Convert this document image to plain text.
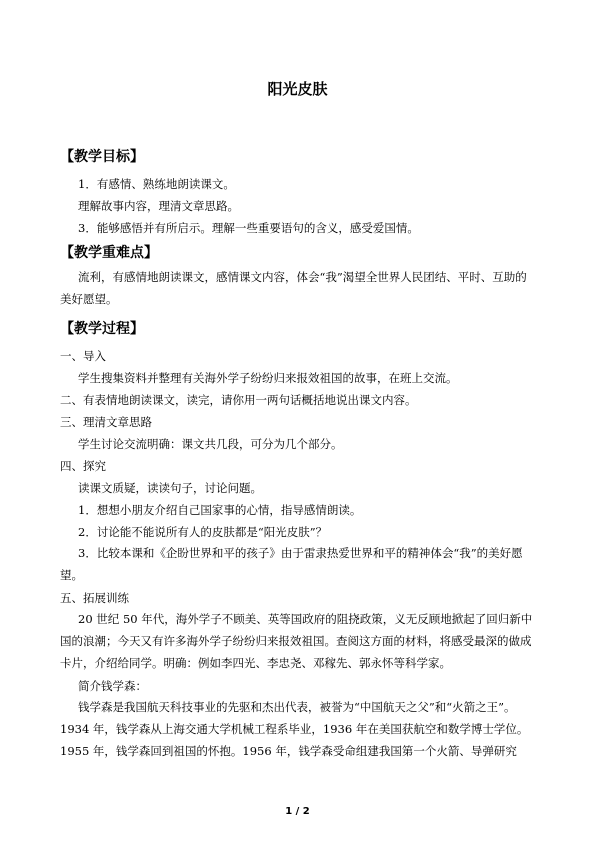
阳光皮肤
【教学目标】
1．有感情、熟练地朗读课文。
理解故事内容，理清文章思路。
3．能够感悟并有所启示。理解一些重要语句的含义，感受爱国情。
【教学重难点】
流利，有感情地朗读课文，感情课文内容，体会“我”渴望全世界人民团结、平时、互助的美好愿望。
【教学过程】
一、导入
学生搜集资料并整理有关海外学子纷纷归来报效祖国的故事，在班上交流。
二、有表情地朗读课文，读完，请你用一两句话概括地说出课文内容。
三、理清文章思路
学生讨论交流明确：课文共几段，可分为几个部分。
四、探究
读课文质疑，读读句子，讨论问题。
1．想想小朋友介绍自己国家事的心情，指导感情朗读。
2．讨论能不能说所有人的皮肤都是“阳光皮肤”？
3．比较本课和《企盼世界和平的孩子》由于雷隶热爱世界和平的精神体会“我”的美好愿望。
五、拓展训练
20 世纪 50 年代，海外学子不顾美、英等国政府的阻挠政策，义无反顾地掀起了回归新中国的浪潮；今天又有许多海外学子纷纷归来报效祖国。查阅这方面的材料，将感受最深的做成卡片，介绍给同学。明确：例如李四光、李忠尧、邓稼先、郭永怀等科学家。
简介钱学森：
钱学森是我国航天科技事业的先驱和杰出代表，被誉为“中国航天之父”和“火箭之王”。 1934 年，钱学森从上海交通大学机械工程系毕业，1936 年在美国获航空和数学博士学位。1955 年，钱学森回到祖国的怀抱。1956 年，钱学森受命组建我国第一个火箭、导弹研究
1 / 2
